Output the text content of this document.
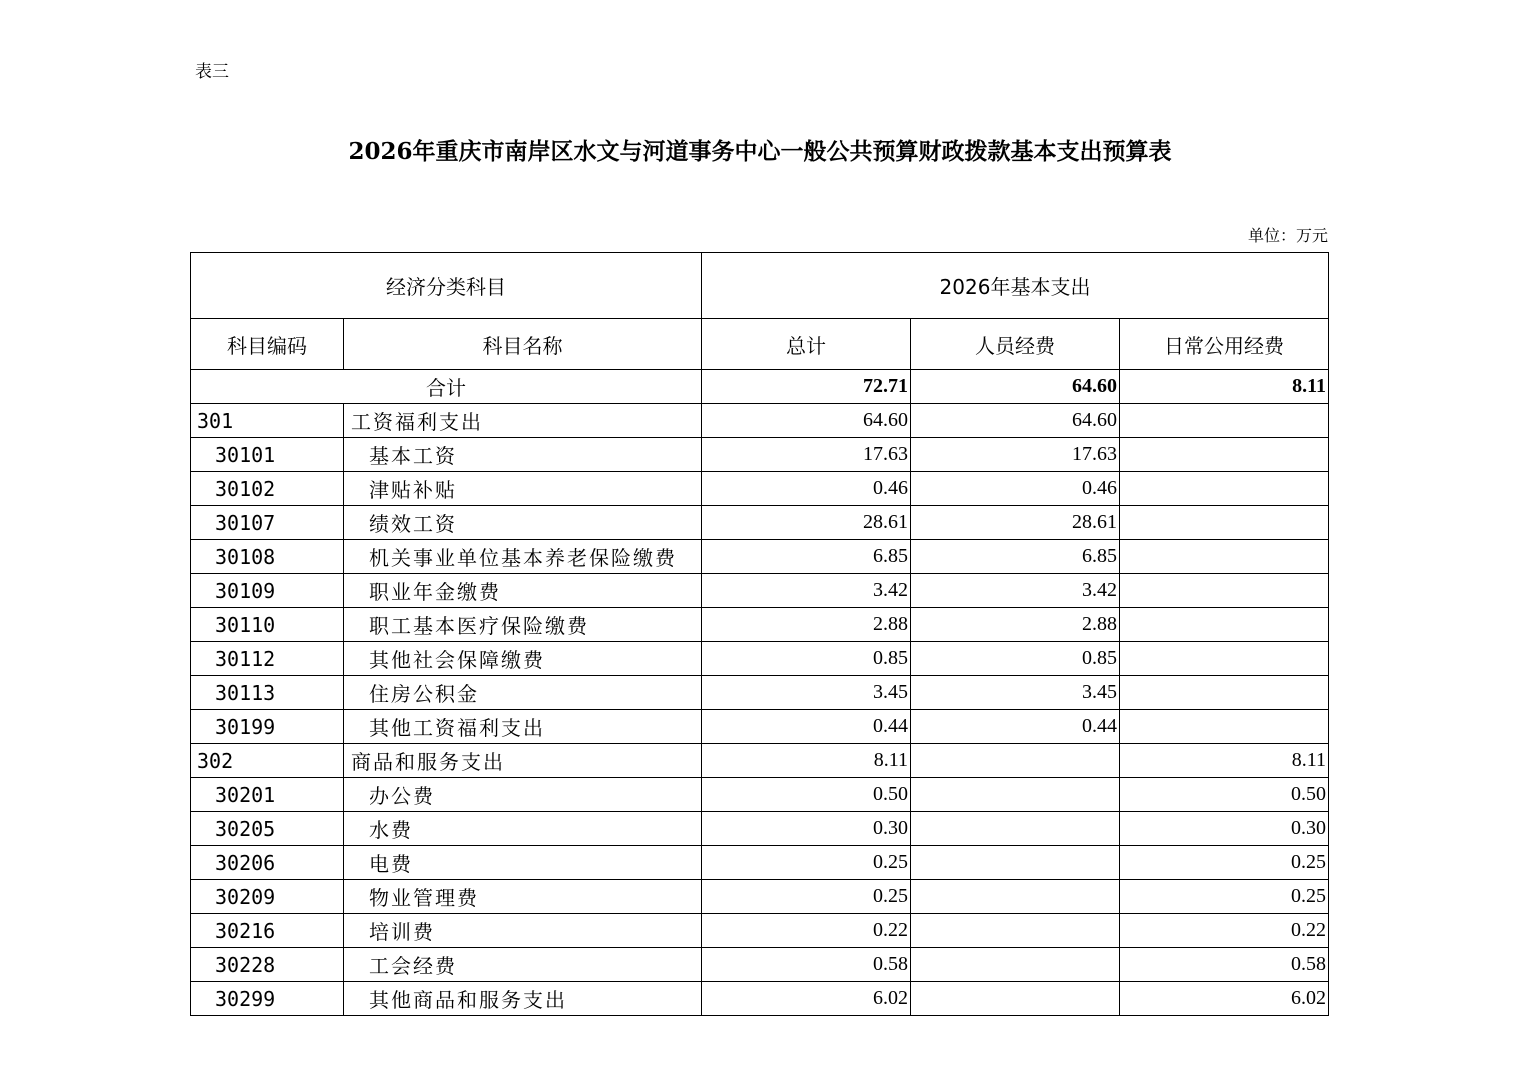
表三
2026年重庆市南岸区水文与河道事务中心一般公共预算财政拨款基本支出预算表
单位：万元
经济分类科目		2026年基本支出		
科目编码	科目名称	总计	人员经费	日常公用经费
合计		72.71	64.60	8.11
301	工资福利支出	64.60	64.60	
30101	基本工资	17.63	17.63	
30102	津贴补贴	0.46	0.46	
30107	绩效工资	28.61	28.61	
30108	机关事业单位基本养老保险缴费	6.85	6.85	
30109	职业年金缴费	3.42	3.42	
30110	职工基本医疗保险缴费	2.88	2.88	
30112	其他社会保障缴费	0.85	0.85	
30113	住房公积金	3.45	3.45	
30199	其他工资福利支出	0.44	0.44	
302	商品和服务支出	8.11		8.11
30201	办公费	0.50		0.50
30205	水费	0.30		0.30
30206	电费	0.25		0.25
30209	物业管理费	0.25		0.25
30216	培训费	0.22		0.22
30228	工会经费	0.58		0.58
30299	其他商品和服务支出	6.02		6.02
